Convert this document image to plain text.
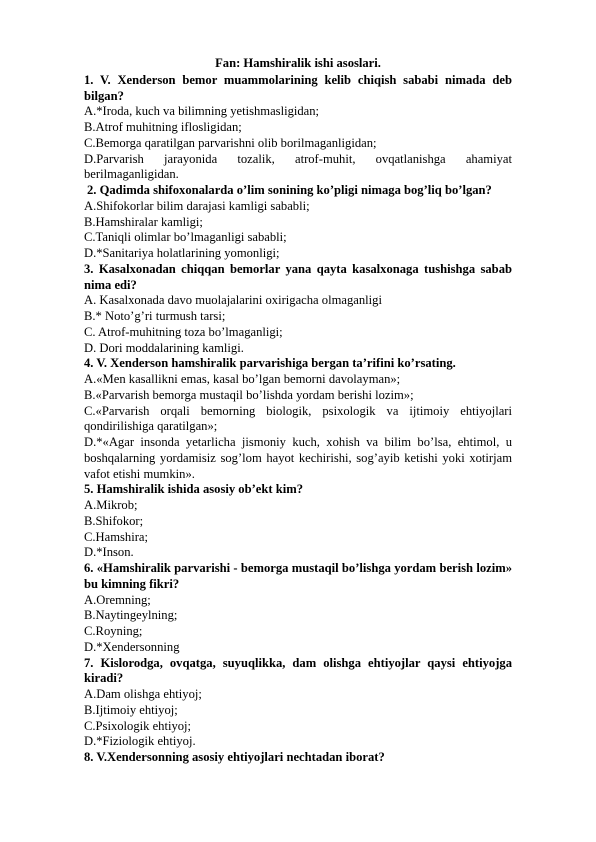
Fan: Hamshiralik ishi asoslari.
1. V. Xenderson bemor muammolarining kelib chiqish sababi nimada deb bilgan?
A.*Iroda, kuch va bilimning yetishmasligidan;
B.Atrof muhitning iflosligidan;
C.Bemorga qaratilgan parvarishni olib borilmaganligidan;
D.Parvarish jarayonida tozalik, atrof-muhit, ovqatlanishga ahamiyat berilmaganligidan.
2. Qadimda shifoxonalarda o’lim sonining ko’pligi nimaga bog’liq bo’lgan?
A.Shifokorlar bilim darajasi kamligi sababli;
B.Hamshiralar kamligi;
C.Taniqli olimlar bo’lmaganligi sababli;
D.*Sanitariya holatlarining yomonligi;
3. Kasalxonadan chiqqan bemorlar yana qayta kasalxonaga tushishga sabab nima edi?
A. Kasalxonada davo muolajalarini oxirigacha olmaganligi
B.* Noto’g’ri turmush tarsi;
C. Atrof-muhitning toza bo’lmaganligi;
D. Dori moddalarining kamligi.
4. V. Xenderson hamshiralik parvarishiga bergan ta’rifini ko’rsating.
A.«Men kasallikni emas, kasal bo’lgan bemorni davolayman»;
B.«Parvarish bemorga mustaqil bo’lishda yordam berishi lozim»;
C.«Parvarish orqali bemorning biologik, psixologik va ijtimoiy ehtiyojlari qondirilishiga qaratilgan»;
D.*«Agar insonda yetarlicha jismoniy kuch, xohish va bilim bo’lsa, ehtimol, u boshqalarning yordamisiz sog’lom hayot kechirishi, sog’ayib ketishi yoki xotirjam vafot etishi mumkin».
5. Hamshiralik ishida asosiy ob’ekt kim?
A.Mikrob;
B.Shifokor;
C.Hamshira;
D.*Inson.
6. «Hamshiralik parvarishi - bemorga mustaqil bo’lishga yordam berish lozim» bu kimning fikri?
A.Oremning;
B.Naytingeylning;
C.Royning;
D.*Xendersonning
7. Kislorodga, ovqatga, suyuqlikka, dam olishga ehtiyojlar qaysi ehtiyojga kiradi?
A.Dam olishga ehtiyoj;
B.Ijtimoiy ehtiyoj;
C.Psixologik ehtiyoj;
D.*Fiziologik ehtiyoj.
8. V.Xendersonning asosiy ehtiyojlari nechtadan iborat?
